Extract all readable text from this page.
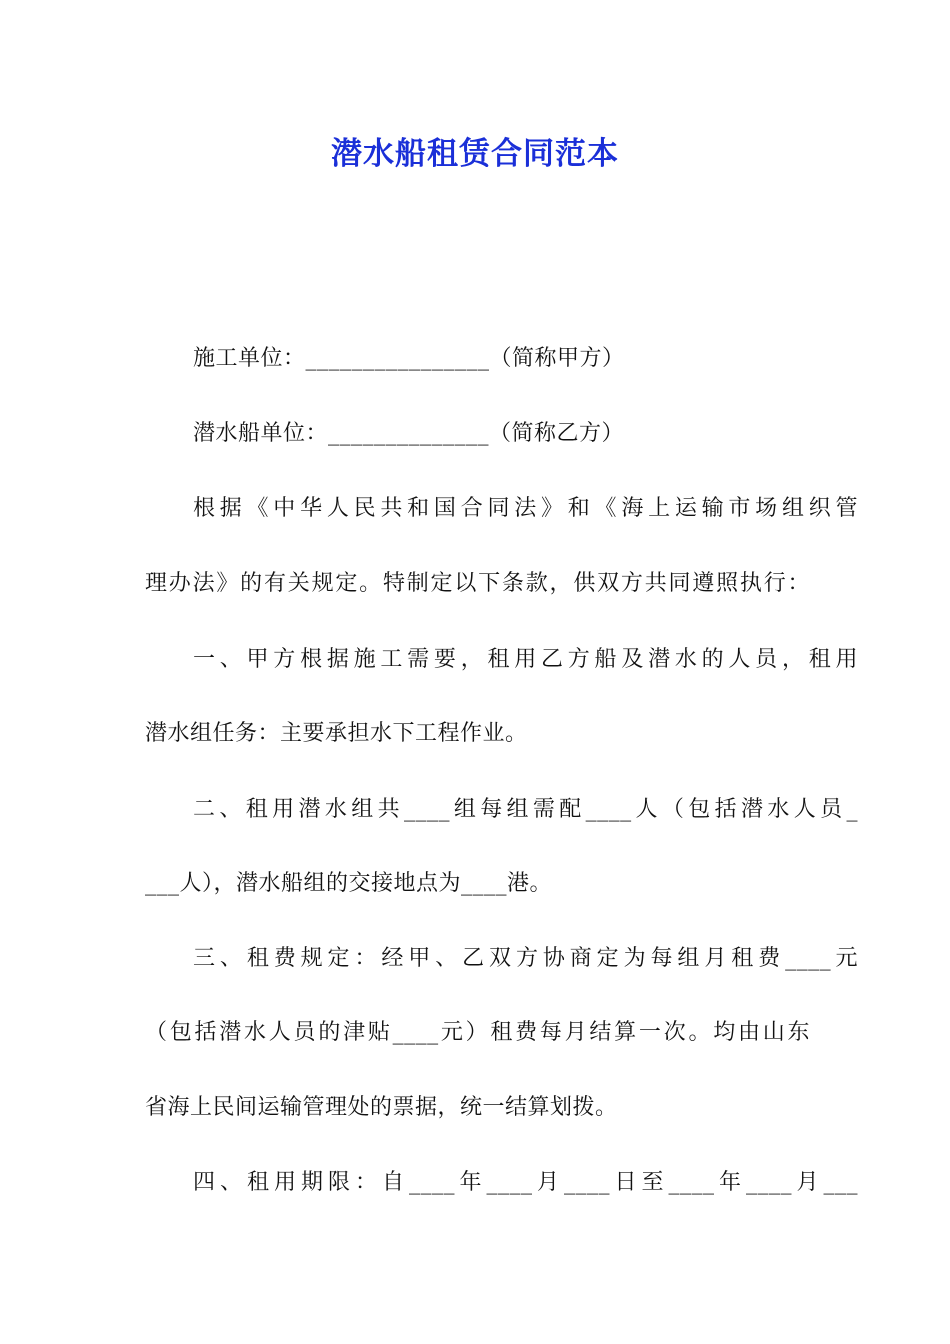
潜水船租赁合同范本
施工单位：________________（简称甲方）
潜水船单位：______________（简称乙方）
根据《中华人民共和国合同法》和《海上运输市场组织管
理办法》的有关规定。特制定以下条款，供双方共同遵照执行：
一、甲方根据施工需要，租用乙方船及潜水的人员，租用
潜水组任务：主要承担水下工程作业。
二、租用潜水组共____组每组需配____人（包括潜水人员_
___人），潜水船组的交接地点为____港。
三、租费规定：经甲、乙双方协商定为每组月租费____元
（包括潜水人员的津贴____元）租费每月结算一次。均由山东
省海上民间运输管理处的票据，统一结算划拨。
四、租用期限：自____年____月____日至____年____月___
